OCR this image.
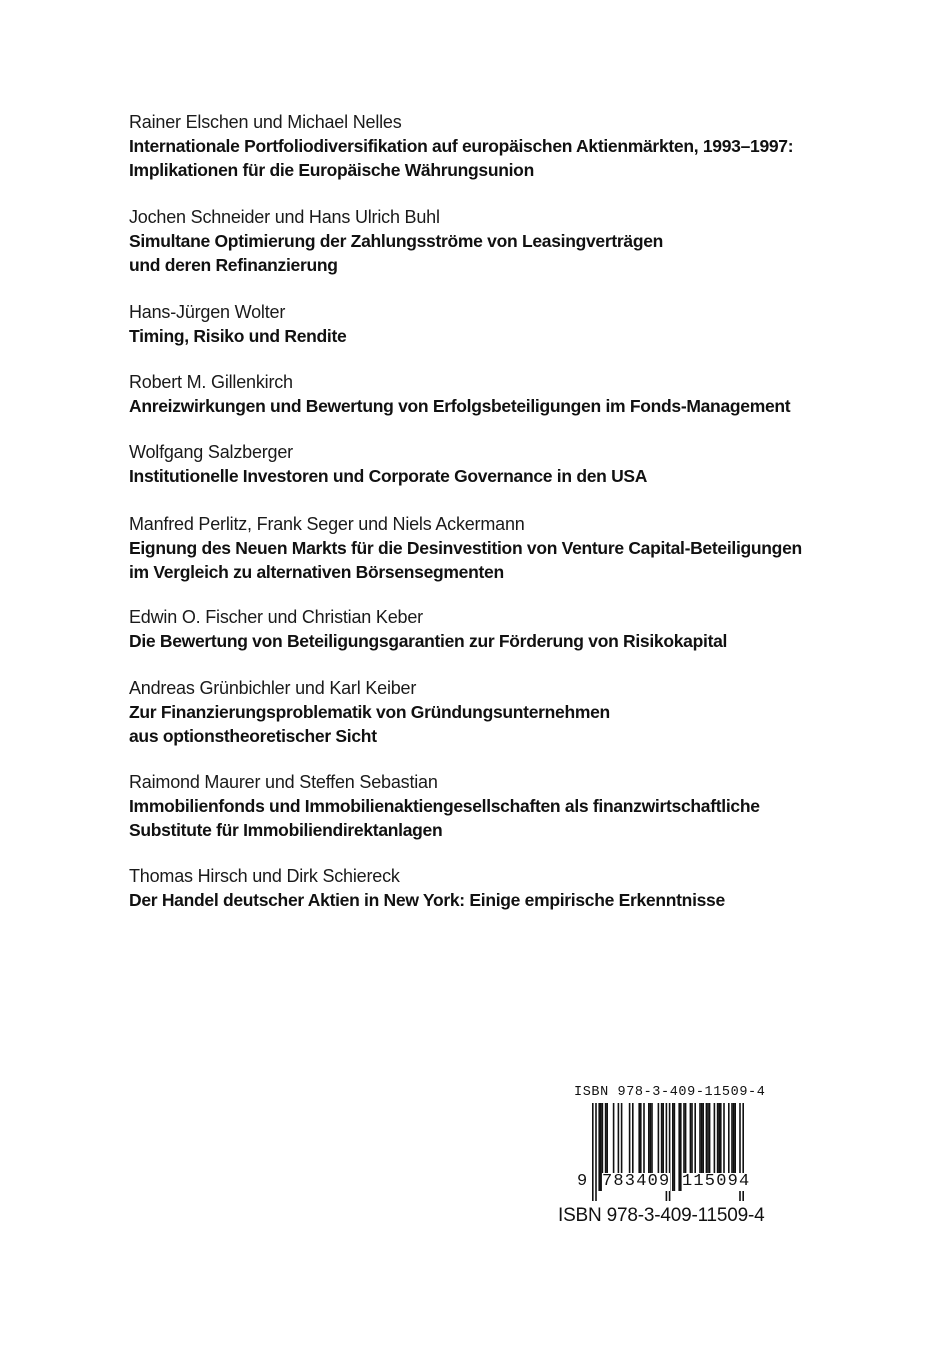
Rainer Elschen und Michael Nelles
Internationale Portfoliodiversifikation auf europäischen Aktienmärkten, 1993–1997:
Implikationen für die Europäische Währungsunion
Jochen Schneider und Hans Ulrich Buhl
Simultane Optimierung der Zahlungsströme von Leasingverträgen
und deren Refinanzierung
Hans-Jürgen Wolter
Timing, Risiko und Rendite
Robert M. Gillenkirch
Anreizwirkungen und Bewertung von Erfolgsbeteiligungen im Fonds-Management
Wolfgang Salzberger
Institutionelle Investoren und Corporate Governance in den USA
Manfred Perlitz, Frank Seger und Niels Ackermann
Eignung des Neuen Markts für die Desinvestition von Venture Capital-Beteiligungen
im Vergleich zu alternativen Börsensegmenten
Edwin O. Fischer und Christian Keber
Die Bewertung von Beteiligungsgarantien zur Förderung von Risikokapital
Andreas Grünbichler und Karl Keiber
Zur Finanzierungsproblematik von Gründungsunternehmen
aus optionstheoretischer Sicht
Raimond Maurer und Steffen Sebastian
Immobilienfonds und Immobilienaktiengesellschaften als finanzwirtschaftliche
Substitute für Immobiliendirektanlagen
Thomas Hirsch und Dirk Schiereck
Der Handel deutscher Aktien in New York: Einige empirische Erkenntnisse
ISBN 978-3-409-11509-4
9 783409 115094
ISBN 978-3-409-11509-4
